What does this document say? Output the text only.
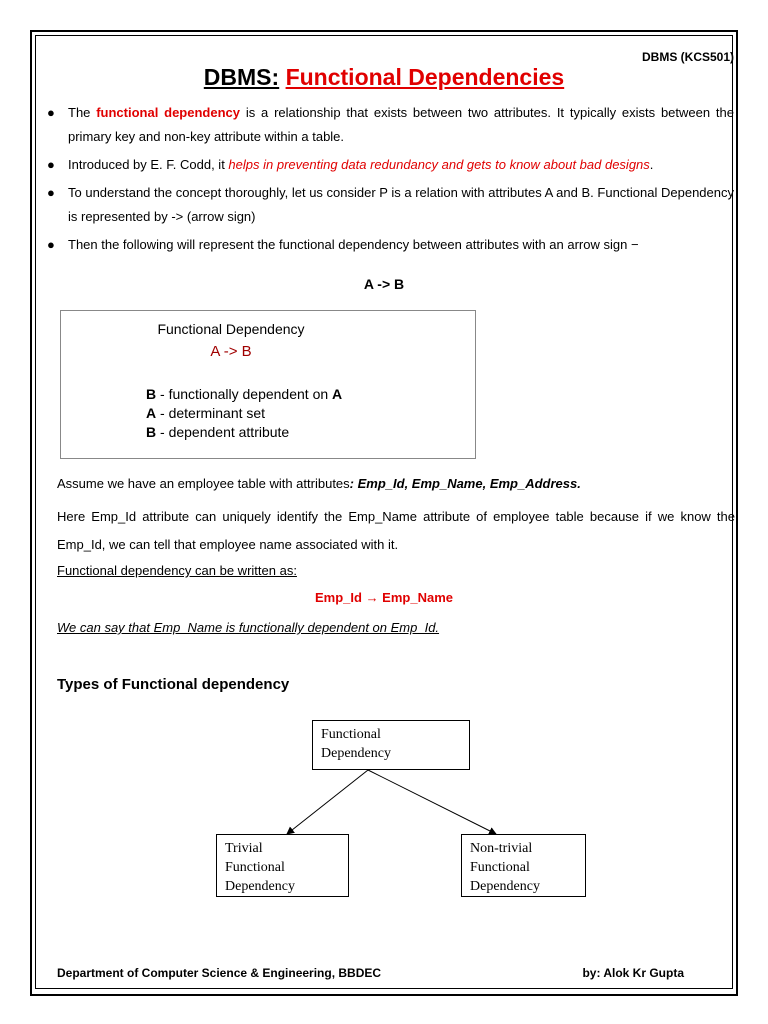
DBMS (KCS501)
DBMS: Functional Dependencies
● The functional dependency is a relationship that exists between two attributes. It typically exists between the primary key and non-key attribute within a table.
● Introduced by E. F. Codd, it helps in preventing data redundancy and gets to know about bad designs.
● To understand the concept thoroughly, let us consider P is a relation with attributes A and B. Functional Dependency is represented by -> (arrow sign)
● Then the following will represent the functional dependency between attributes with an arrow sign −
A -> B
Functional Dependency
A -> B
B - functionally dependent on A
A - determinant set
B - dependent attribute
Assume we have an employee table with attributes: Emp_Id, Emp_Name, Emp_Address.
Here Emp_Id attribute can uniquely identify the Emp_Name attribute of employee table because if we know the Emp_Id, we can tell that employee name associated with it.
Functional dependency can be written as:
Emp_Id → Emp_Name
We can say that Emp_Name is functionally dependent on Emp_Id.
Types of Functional dependency
Functional
Dependency
Trivial
Functional
Dependency
Non-trivial
Functional
Dependency
Department of Computer Science & Engineering, BBDEC	by: Alok Kr Gupta
